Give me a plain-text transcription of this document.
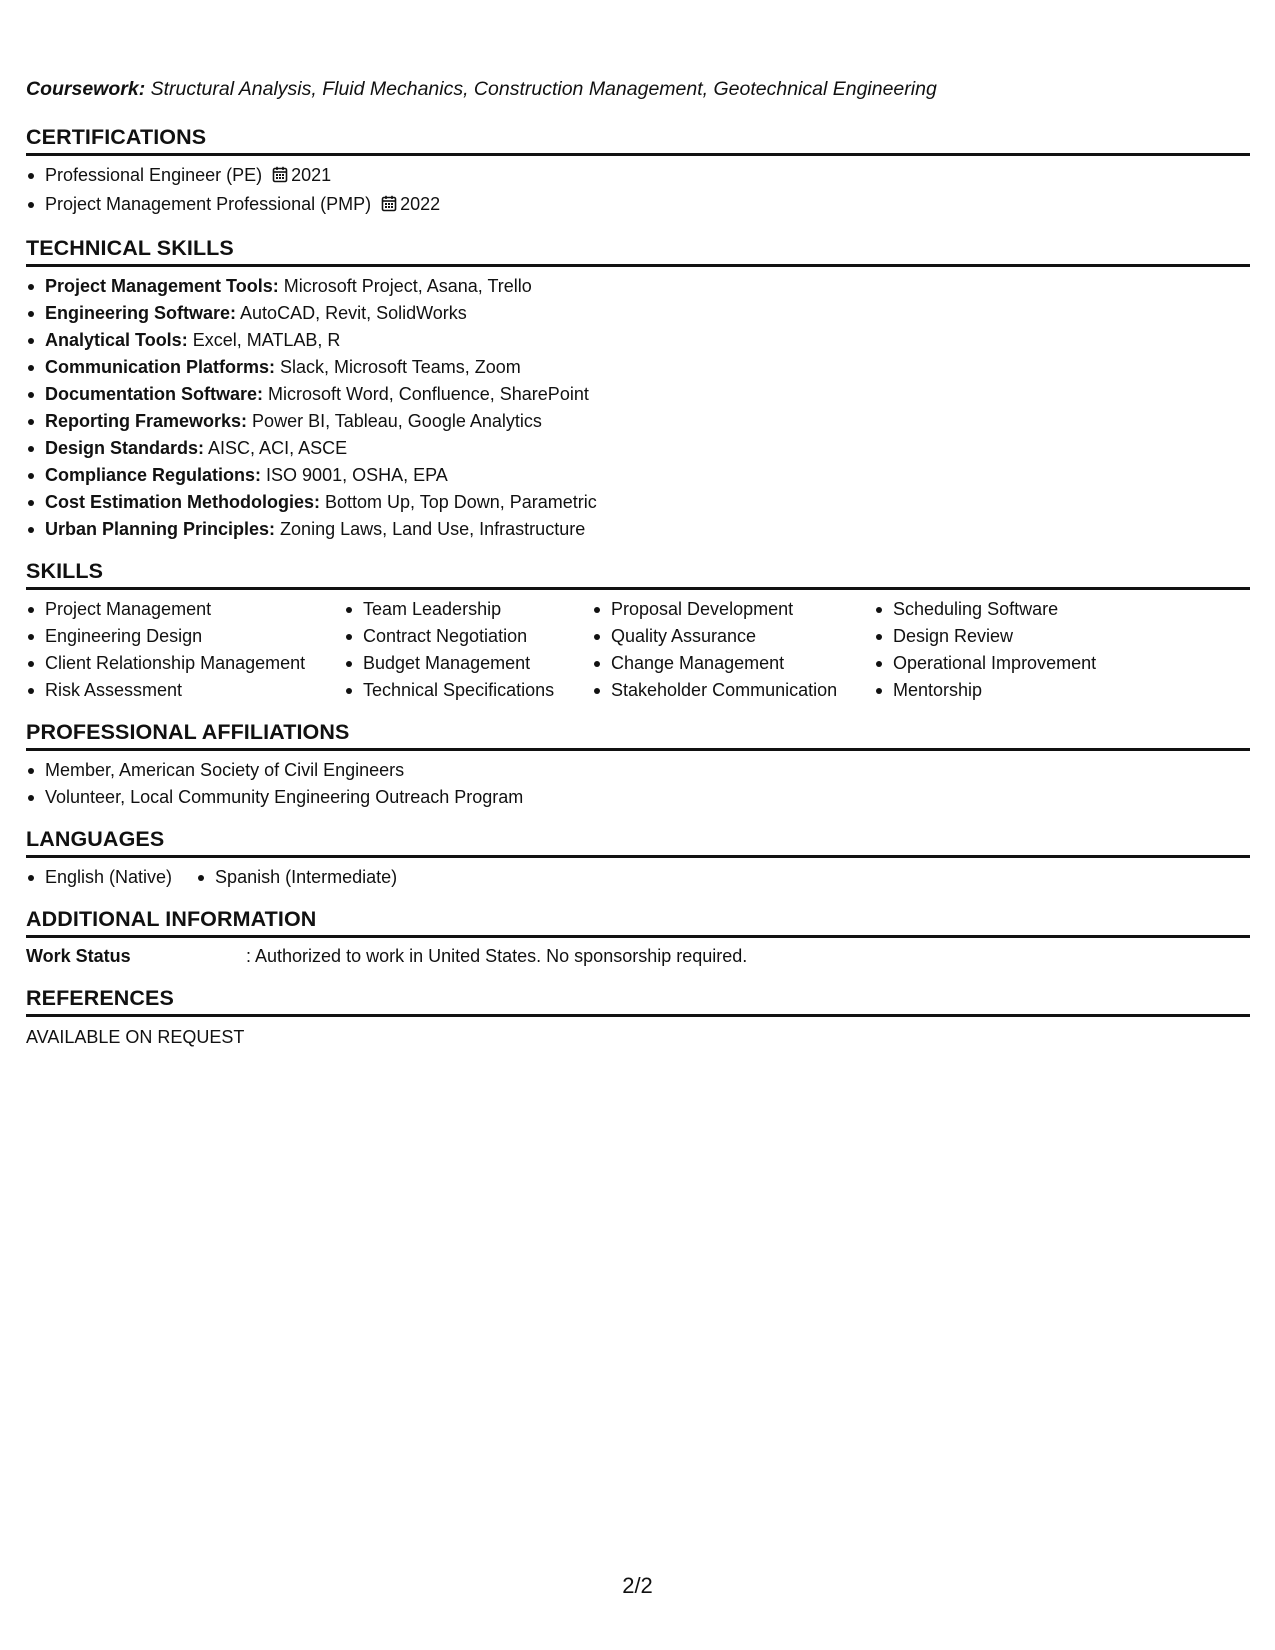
Coursework: Structural Analysis, Fluid Mechanics, Construction Management, Geotechnical Engineering
CERTIFICATIONS
Professional Engineer (PE) 2021
Project Management Professional (PMP) 2022
TECHNICAL SKILLS
Project Management Tools: Microsoft Project, Asana, Trello
Engineering Software: AutoCAD, Revit, SolidWorks
Analytical Tools: Excel, MATLAB, R
Communication Platforms: Slack, Microsoft Teams, Zoom
Documentation Software: Microsoft Word, Confluence, SharePoint
Reporting Frameworks: Power BI, Tableau, Google Analytics
Design Standards: AISC, ACI, ASCE
Compliance Regulations: ISO 9001, OSHA, EPA
Cost Estimation Methodologies: Bottom Up, Top Down, Parametric
Urban Planning Principles: Zoning Laws, Land Use, Infrastructure
SKILLS
Project Management
Engineering Design
Client Relationship Management
Risk Assessment
Team Leadership
Contract Negotiation
Budget Management
Technical Specifications
Proposal Development
Quality Assurance
Change Management
Stakeholder Communication
Scheduling Software
Design Review
Operational Improvement
Mentorship
PROFESSIONAL AFFILIATIONS
Member, American Society of Civil Engineers
Volunteer, Local Community Engineering Outreach Program
LANGUAGES
English (Native)	Spanish (Intermediate)
ADDITIONAL INFORMATION
Work Status	: Authorized to work in United States. No sponsorship required.
REFERENCES
AVAILABLE ON REQUEST
2/2
